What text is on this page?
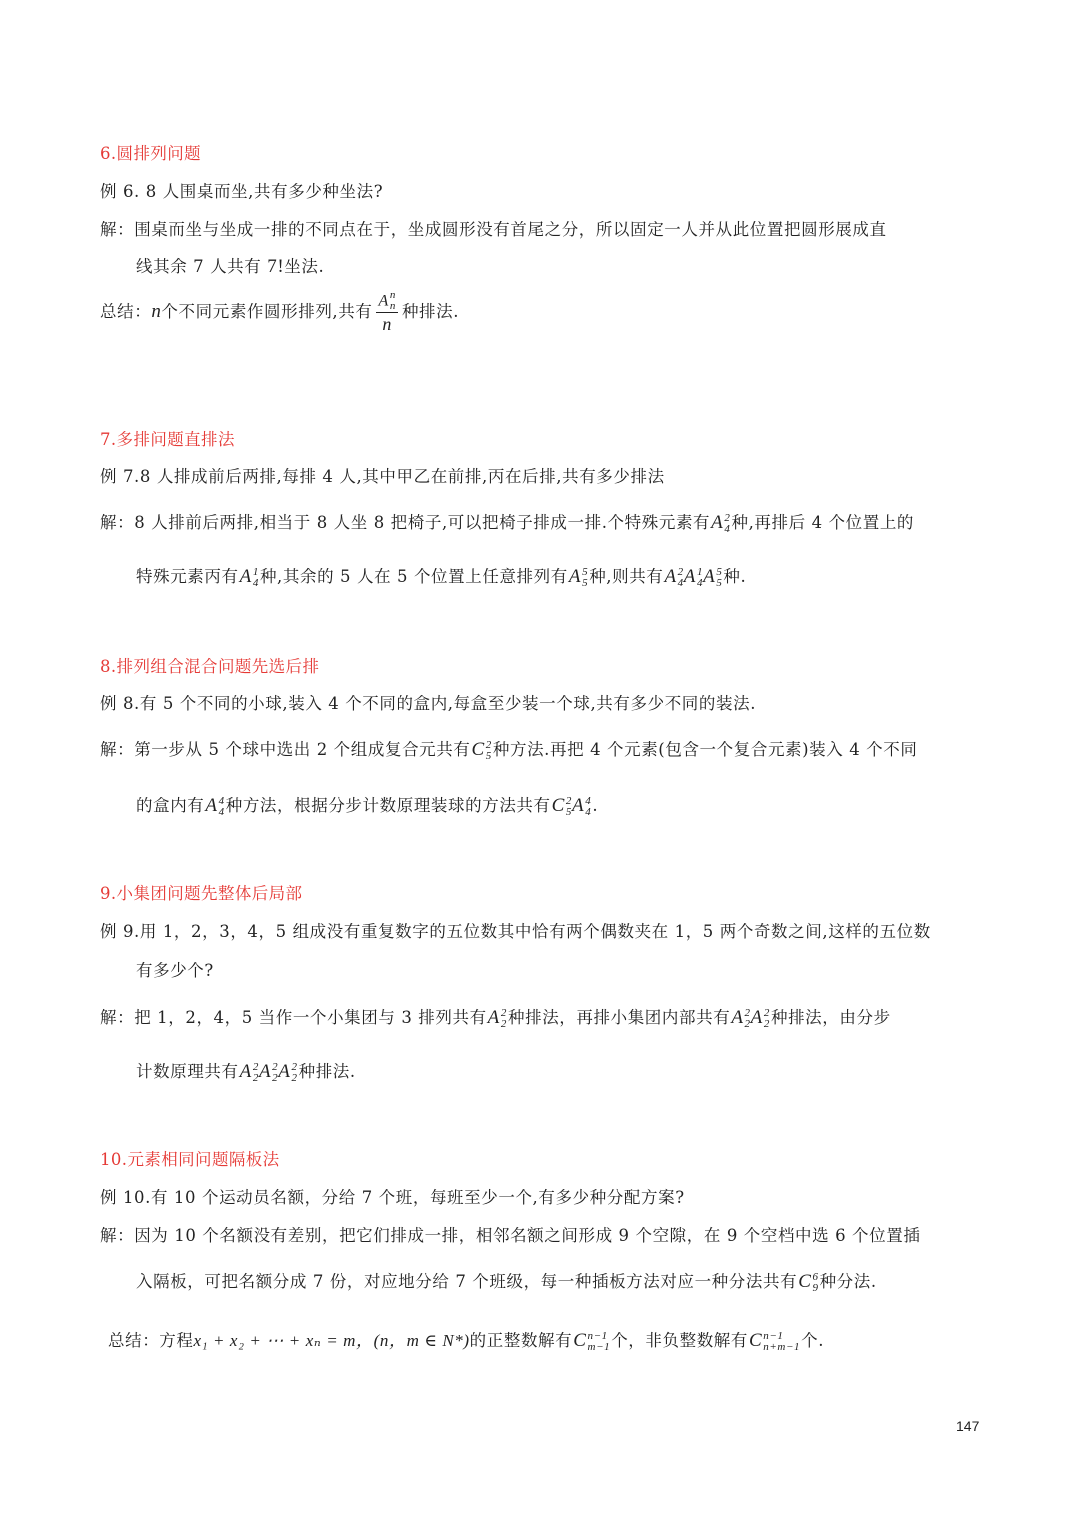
6.圆排列问题
例 6. 8 人围桌而坐,共有多少种坐法?
解：围桌而坐与坐成一排的不同点在于，坐成圆形没有首尾之分，所以固定一人并从此位置把圆形展成直
线其余 7 人共有 7!坐法.
总结：n个不同元素作圆形排列,共有 A n
n
n 种排法.
7.多排问题直排法
例 7.8 人排成前后两排,每排 4 人,其中甲乙在前排,丙在后排,共有多少排法
解：8 人排前后两排,相当于 8 人坐 8 把椅子,可以把椅子排成一排.个特殊元素有A 2
4 种,再排后 4 个位置上的
特殊元素丙有A 1
4 种,其余的 5 人在 5 个位置上任意排列有A 5
5 种,则共有A 2
4 A 1
4 A 5
5 种.
8.排列组合混合问题先选后排
例 8.有 5 个不同的小球,装入 4 个不同的盒内,每盒至少装一个球,共有多少不同的装法.
解：第一步从 5 个球中选出 2 个组成复合元共有C 2
5 种方法.再把 4 个元素(包含一个复合元素)装入 4 个不同
的盒内有A 4
4 种方法，根据分步计数原理装球的方法共有C 2
5 A 4
4 .
9.小集团问题先整体后局部
例 9.用 1，2，3，4，5 组成没有重复数字的五位数其中恰有两个偶数夹在 1，5 两个奇数之间,这样的五位数
有多少个?
解：把 1，2，4，5 当作一个小集团与 3 排列共有A 2
2 种排法，再排小集团内部共有A 2
2 A 2
2 种排法，由分步
计数原理共有A 2
2 A 2
2 A 2
2 种排法.
10.元素相同问题隔板法
例 10.有 10 个运动员名额，分给 7 个班，每班至少一个,有多少种分配方案?
解：因为 10 个名额没有差别，把它们排成一排，相邻名额之间形成 9 个空隙，在 9 个空档中选 6 个位置插
入隔板，可把名额分成 7 份，对应地分给 7 个班级，每一种插板方法对应一种分法共有C 6
9 种分法.
总结：方程x₁ + x₂ + ⋯ + xₙ = m，(n，m ∈ N*)的正整数解有C n−1
m−1 个，非负整数解有C n−1
n+m−1 个.
147
